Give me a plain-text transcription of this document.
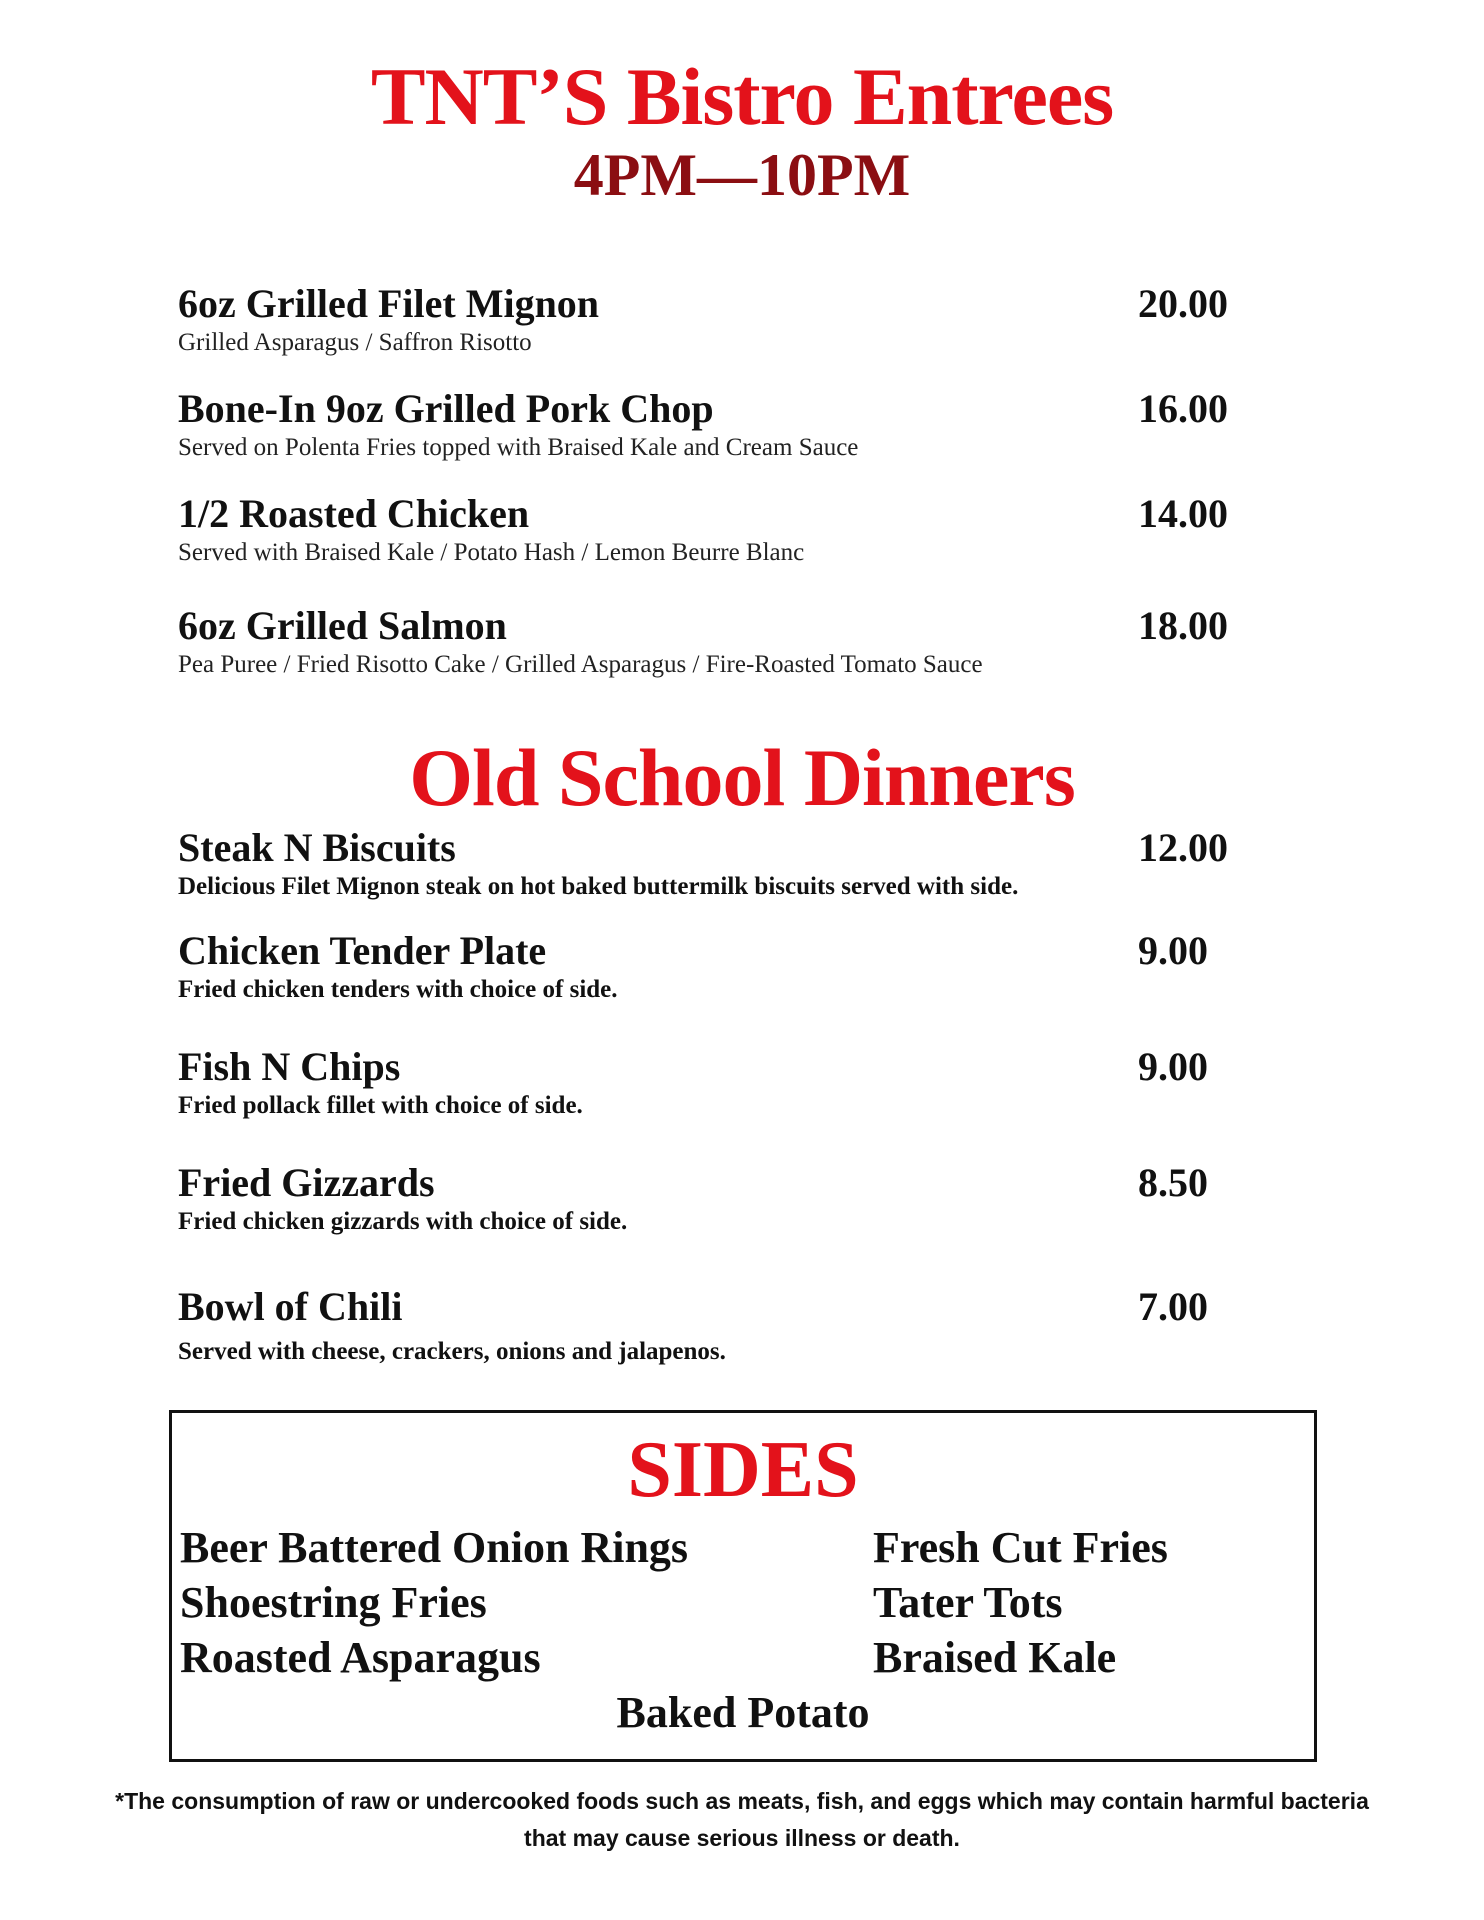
TNT’S Bistro Entrees
4PM—10PM
6oz Grilled Filet Mignon
Grilled Asparagus / Saffron Risotto
20.00
Bone-In 9oz Grilled Pork Chop
Served on Polenta Fries topped with Braised Kale and Cream Sauce
16.00
1/2 Roasted Chicken
Served with Braised Kale / Potato Hash / Lemon Beurre Blanc
14.00
6oz Grilled Salmon
Pea Puree / Fried Risotto Cake / Grilled Asparagus / Fire-Roasted Tomato Sauce
18.00
Old School Dinners
Steak N Biscuits
Delicious Filet Mignon steak on hot baked buttermilk biscuits served with side.
12.00
Chicken Tender Plate
Fried chicken tenders with choice of side.
9.00
Fish N Chips
Fried pollack fillet with choice of side.
9.00
Fried Gizzards
Fried chicken gizzards with choice of side.
8.50
Bowl of Chili
Served with cheese, crackers, onions and jalapenos.
7.00
SIDES
Beer Battered Onion Rings	Fresh Cut Fries
Shoestring Fries	Tater Tots
Roasted Asparagus	Braised Kale
Baked Potato
*The consumption of raw or undercooked foods such as meats, fish, and eggs which may contain harmful bacteria
that may cause serious illness or death.
